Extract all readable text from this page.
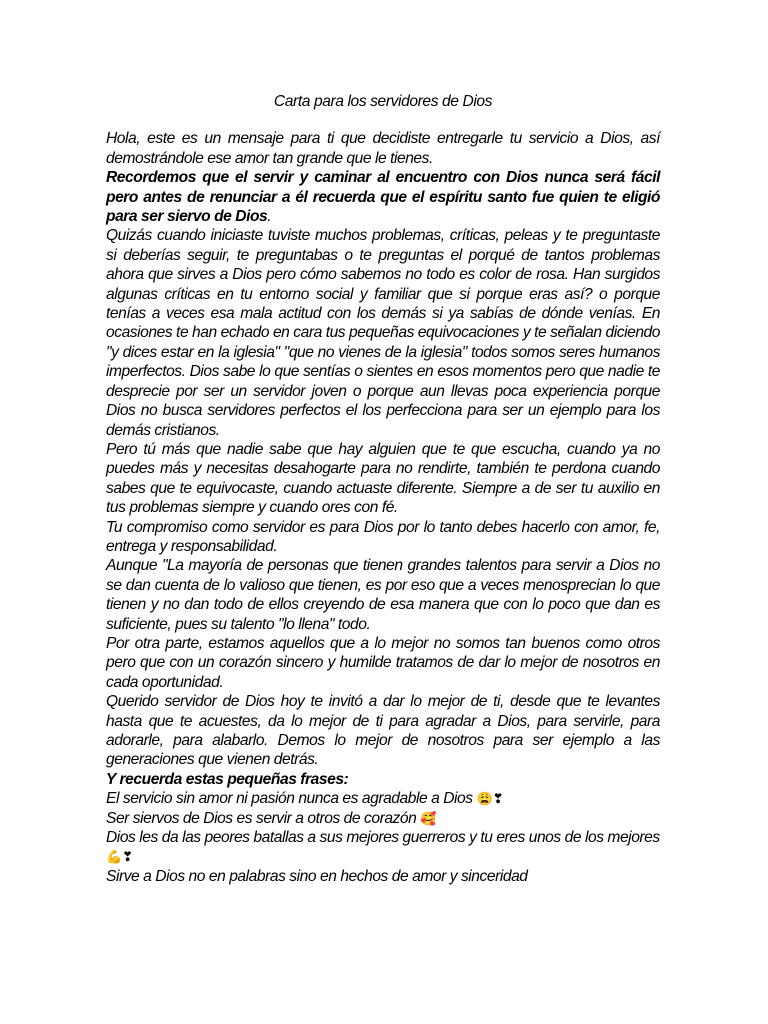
Carta para los servidores de Dios

Hola, este es un mensaje para ti que decidiste entregarle tu servicio a Dios, así demostrándole ese amor tan grande que le tienes.

Recordemos que el servir y caminar al encuentro con Dios nunca será fácil pero antes de renunciar a él recuerda que el espíritu santo fue quien te eligió para ser siervo de Dios.

Quizás cuando iniciaste tuviste muchos problemas, críticas, peleas y te preguntaste si deberías seguir, te preguntabas o te preguntas el porqué de tantos problemas ahora que sirves a Dios pero cómo sabemos no todo es color de rosa. Han surgidos algunas críticas en tu entorno social y familiar que si porque eras así? o porque tenías a veces esa mala actitud con los demás si ya sabías de dónde venías. En ocasiones te han echado en cara tus pequeñas equivocaciones y te señalan diciendo "y dices estar en la iglesia" "que no vienes de la iglesia" todos somos seres humanos imperfectos. Dios sabe lo que sentías o sientes en esos momentos pero que nadie te desprecie por ser un servidor joven o porque aun llevas poca experiencia porque Dios no busca servidores perfectos el los perfecciona para ser un ejemplo para los demás cristianos.

Pero tú más que nadie sabe que hay alguien que te que escucha, cuando ya no puedes más y necesitas desahogarte para no rendirte, también te perdona cuando sabes que te equivocaste, cuando actuaste diferente. Siempre a de ser tu auxilio en tus problemas siempre y cuando ores con fé.

Tu compromiso como servidor es para Dios por lo tanto debes hacerlo con amor, fe, entrega y responsabilidad.

Aunque "La mayoría de personas que tienen grandes talentos para servir a Dios no se dan cuenta de lo valioso que tienen, es por eso que a veces menosprecian lo que tienen y no dan todo de ellos creyendo de esa manera que con lo poco que dan es suficiente, pues su talento "lo llena" todo.

Por otra parte, estamos aquellos que a lo mejor no somos tan buenos como otros pero que con un corazón sincero y humilde tratamos de dar lo mejor de nosotros en cada oportunidad.

Querido servidor de Dios hoy te invitó a dar lo mejor de ti, desde que te levantes hasta que te acuestes, da lo mejor de ti para agradar a Dios, para servirle, para adorarle, para alabarlo. Demos lo mejor de nosotros para ser ejemplo a las generaciones que vienen detrás.

Y recuerda estas pequeñas frases:

El servicio sin amor ni pasión nunca es agradable a Dios 😩❣

Ser siervos de Dios es servir a otros de corazón 🥰

Dios les da las peores batallas a sus mejores guerreros y tu eres unos de los mejores 💪❣

Sirve a Dios no en palabras sino en hechos de amor y sinceridad
